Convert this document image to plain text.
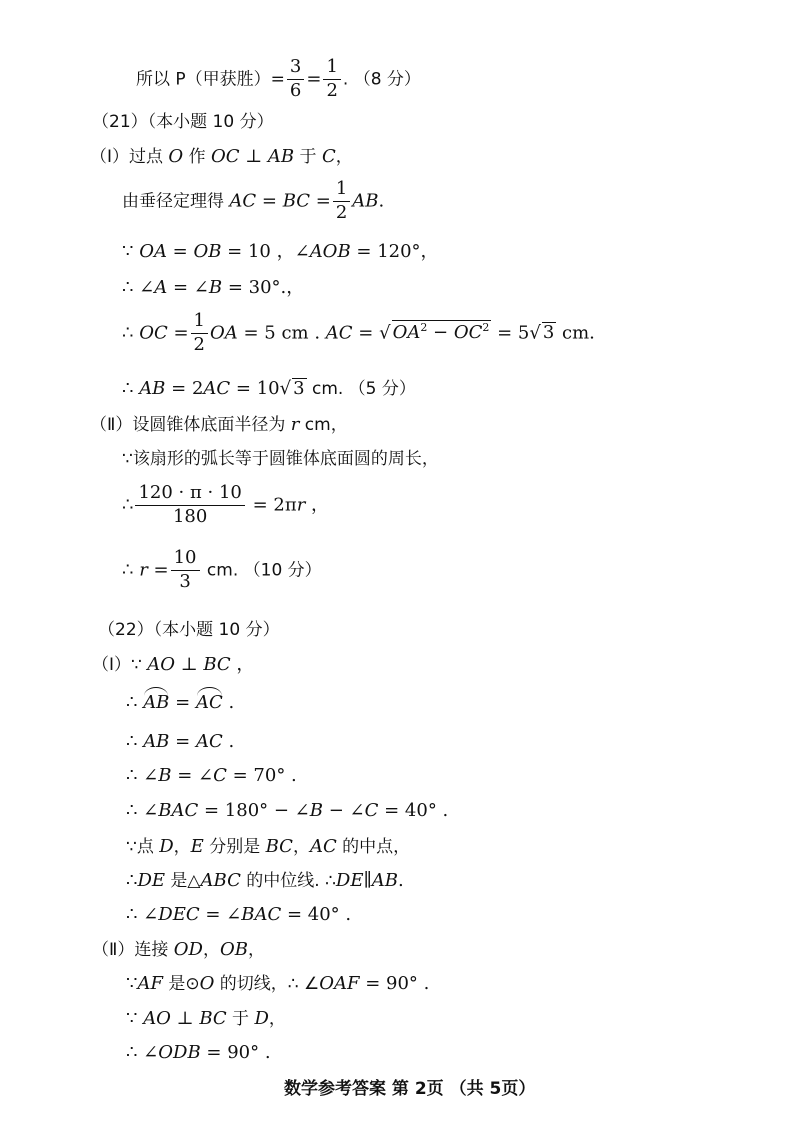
所以 P（甲获胜）= $\frac{3}{6} = \frac{1}{2}$ . （8 分）
（21）（本小题 10 分）
（Ⅰ）过点 O 作 OC ⊥ AB 于 C，
由垂径定理得 AC = BC = $\frac{1}{2}$ AB.
∵ OA = OB = 10 ，∠AOB = 120°，
∴ ∠A = ∠B = 30°.，
∴ OC = $\frac{1}{2}$ OA = 5 cm . AC = √ $OA^2 - OC^2 = 5√$ 3 cm.
∴ AB = 2AC = 10√ 3 cm. （5 分）
（Ⅱ）设圆锥体底面半径为 r cm，
∵该扇形的弧长等于圆锥体底面圆的周长，
∴ $\frac{120 \cdot \pi \cdot 10}{180} = 2\pi r$ ，
∴ $r = \frac{10}{3}$ cm. （10 分）
（22）（本小题 10 分）
（Ⅰ）∵ AO ⊥ BC ，
∴ AB = AC .
∴ AB = AC .
∴ ∠B = ∠C = 70° .
∴ ∠BAC = 180° − ∠B − ∠C = 40° .
∵点 D，E 分别是 BC，AC 的中点，
∴DE 是△ABC 的中位线. ∴DE∥AB.
∴ ∠DEC = ∠BAC = 40° .
（Ⅱ）连接 OD，OB，
∵AF 是⊙O 的切线，∴ ∠OAF = 90° .
∵ AO ⊥ BC 于 D，
∴ ∠ODB = 90° .
数学参考答案 第 2页 （共 5页）
